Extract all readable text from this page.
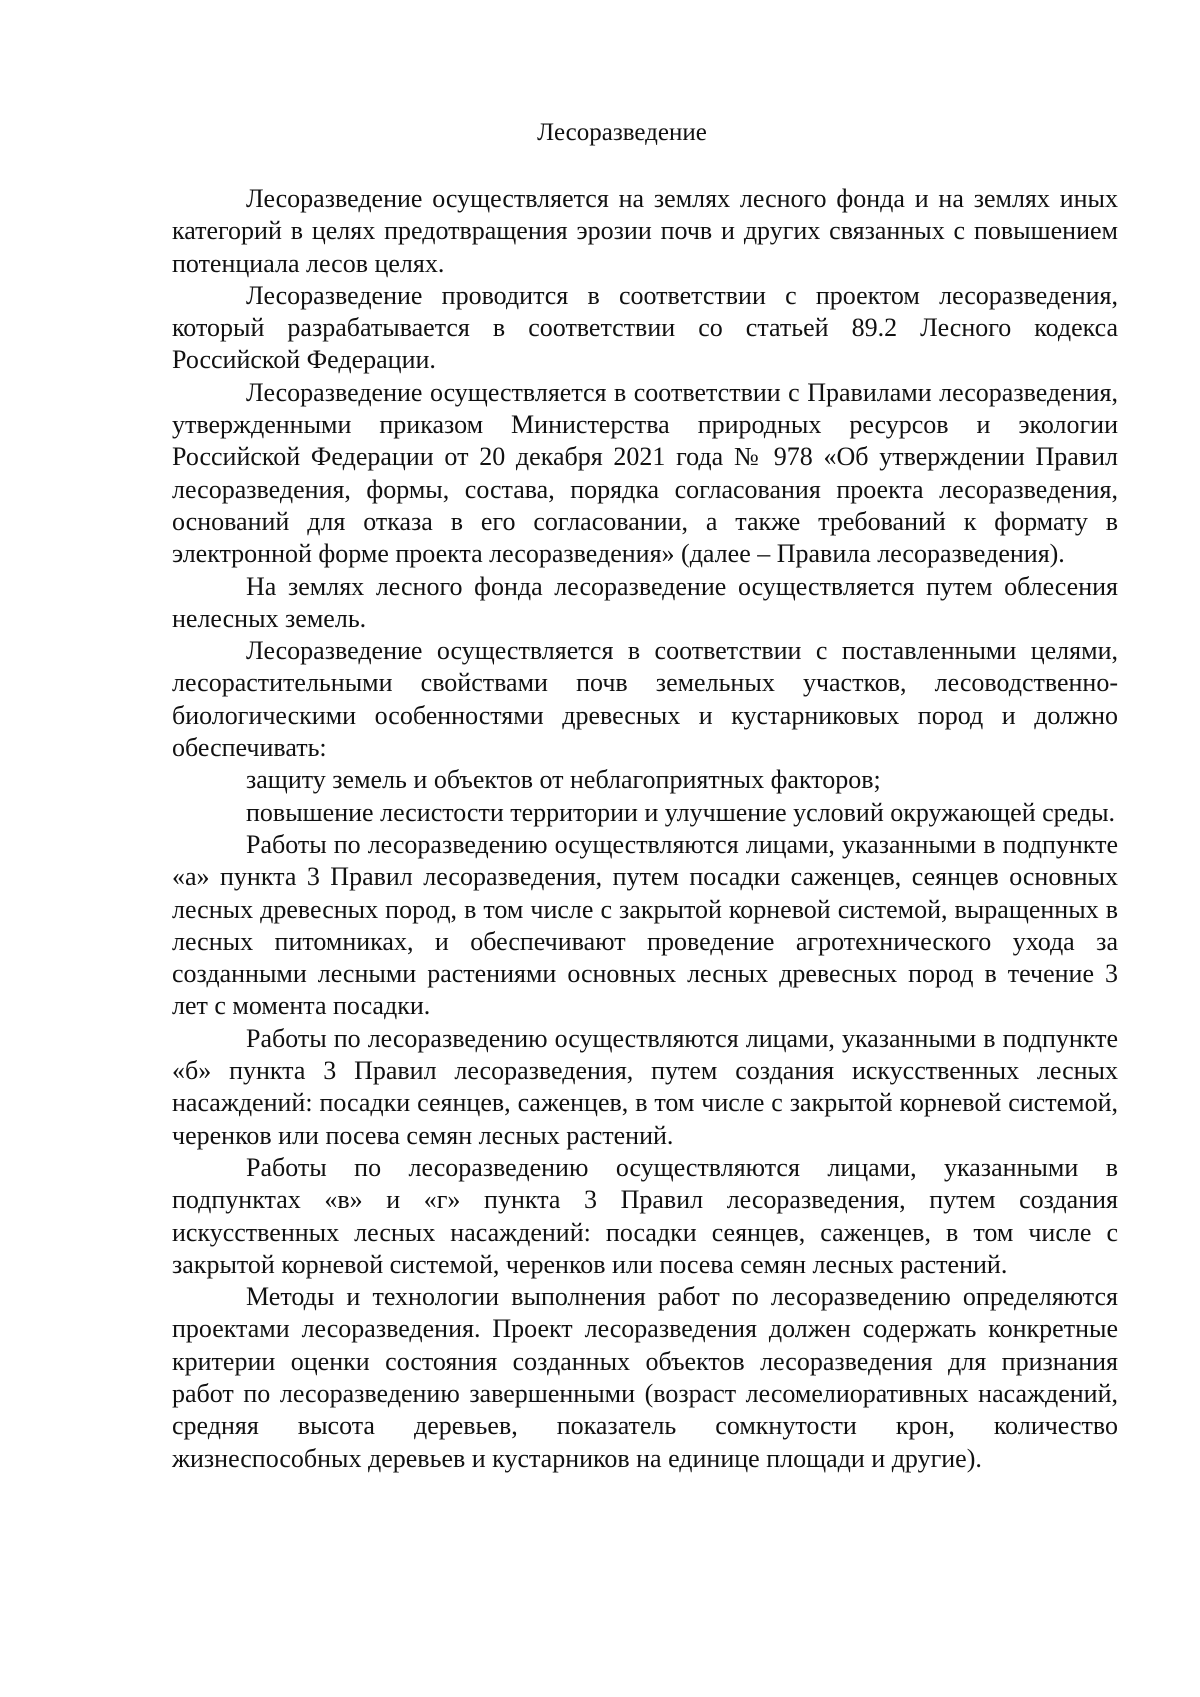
Лесоразведение

Лесоразведение осуществляется на землях лесного фонда и на землях иных категорий в целях предотвращения эрозии почв и других связанных с повышением потенциала лесов целях.

Лесоразведение проводится в соответствии с проектом лесоразведения, который разрабатывается в соответствии со статьей 89.2 Лесного кодекса Российской Федерации.

Лесоразведение осуществляется в соответствии с Правилами лесоразведения, утвержденными приказом Министерства природных ресурсов и экологии Российской Федерации от 20 декабря 2021 года № 978 «Об утверждении Правил лесоразведения, формы, состава, порядка согласования проекта лесоразведения, оснований для отказа в его согласовании, а также требований к формату в электронной форме проекта лесоразведения» (далее – Правила лесоразведения).

На землях лесного фонда лесоразведение осуществляется путем облесения нелесных земель.

Лесоразведение осуществляется в соответствии с поставленными целями, лесорастительными свойствами почв земельных участков, лесоводственно-биологическими особенностями древесных и кустарниковых пород и должно обеспечивать:

защиту земель и объектов от неблагоприятных факторов;

повышение лесистости территории и улучшение условий окружающей среды.

Работы по лесоразведению осуществляются лицами, указанными в подпункте «а» пункта 3 Правил лесоразведения, путем посадки саженцев, сеянцев основных лесных древесных пород, в том числе с закрытой корневой системой, выращенных в лесных питомниках, и обеспечивают проведение агротехнического ухода за созданными лесными растениями основных лесных древесных пород в течение 3 лет с момента посадки.

Работы по лесоразведению осуществляются лицами, указанными в подпункте «б» пункта 3 Правил лесоразведения, путем создания искусственных лесных насаждений: посадки сеянцев, саженцев, в том числе с закрытой корневой системой, черенков или посева семян лесных растений.

Работы по лесоразведению осуществляются лицами, указанными в подпунктах «в» и «г» пункта 3 Правил лесоразведения, путем создания искусственных лесных насаждений: посадки сеянцев, саженцев, в том числе с закрытой корневой системой, черенков или посева семян лесных растений.

Методы и технологии выполнения работ по лесоразведению определяются проектами лесоразведения. Проект лесоразведения должен содержать конкретные критерии оценки состояния созданных объектов лесоразведения для признания работ по лесоразведению завершенными (возраст лесомелиоративных насаждений, средняя высота деревьев, показатель сомкнутости крон, количество жизнеспособных деревьев и кустарников на единице площади и другие).
